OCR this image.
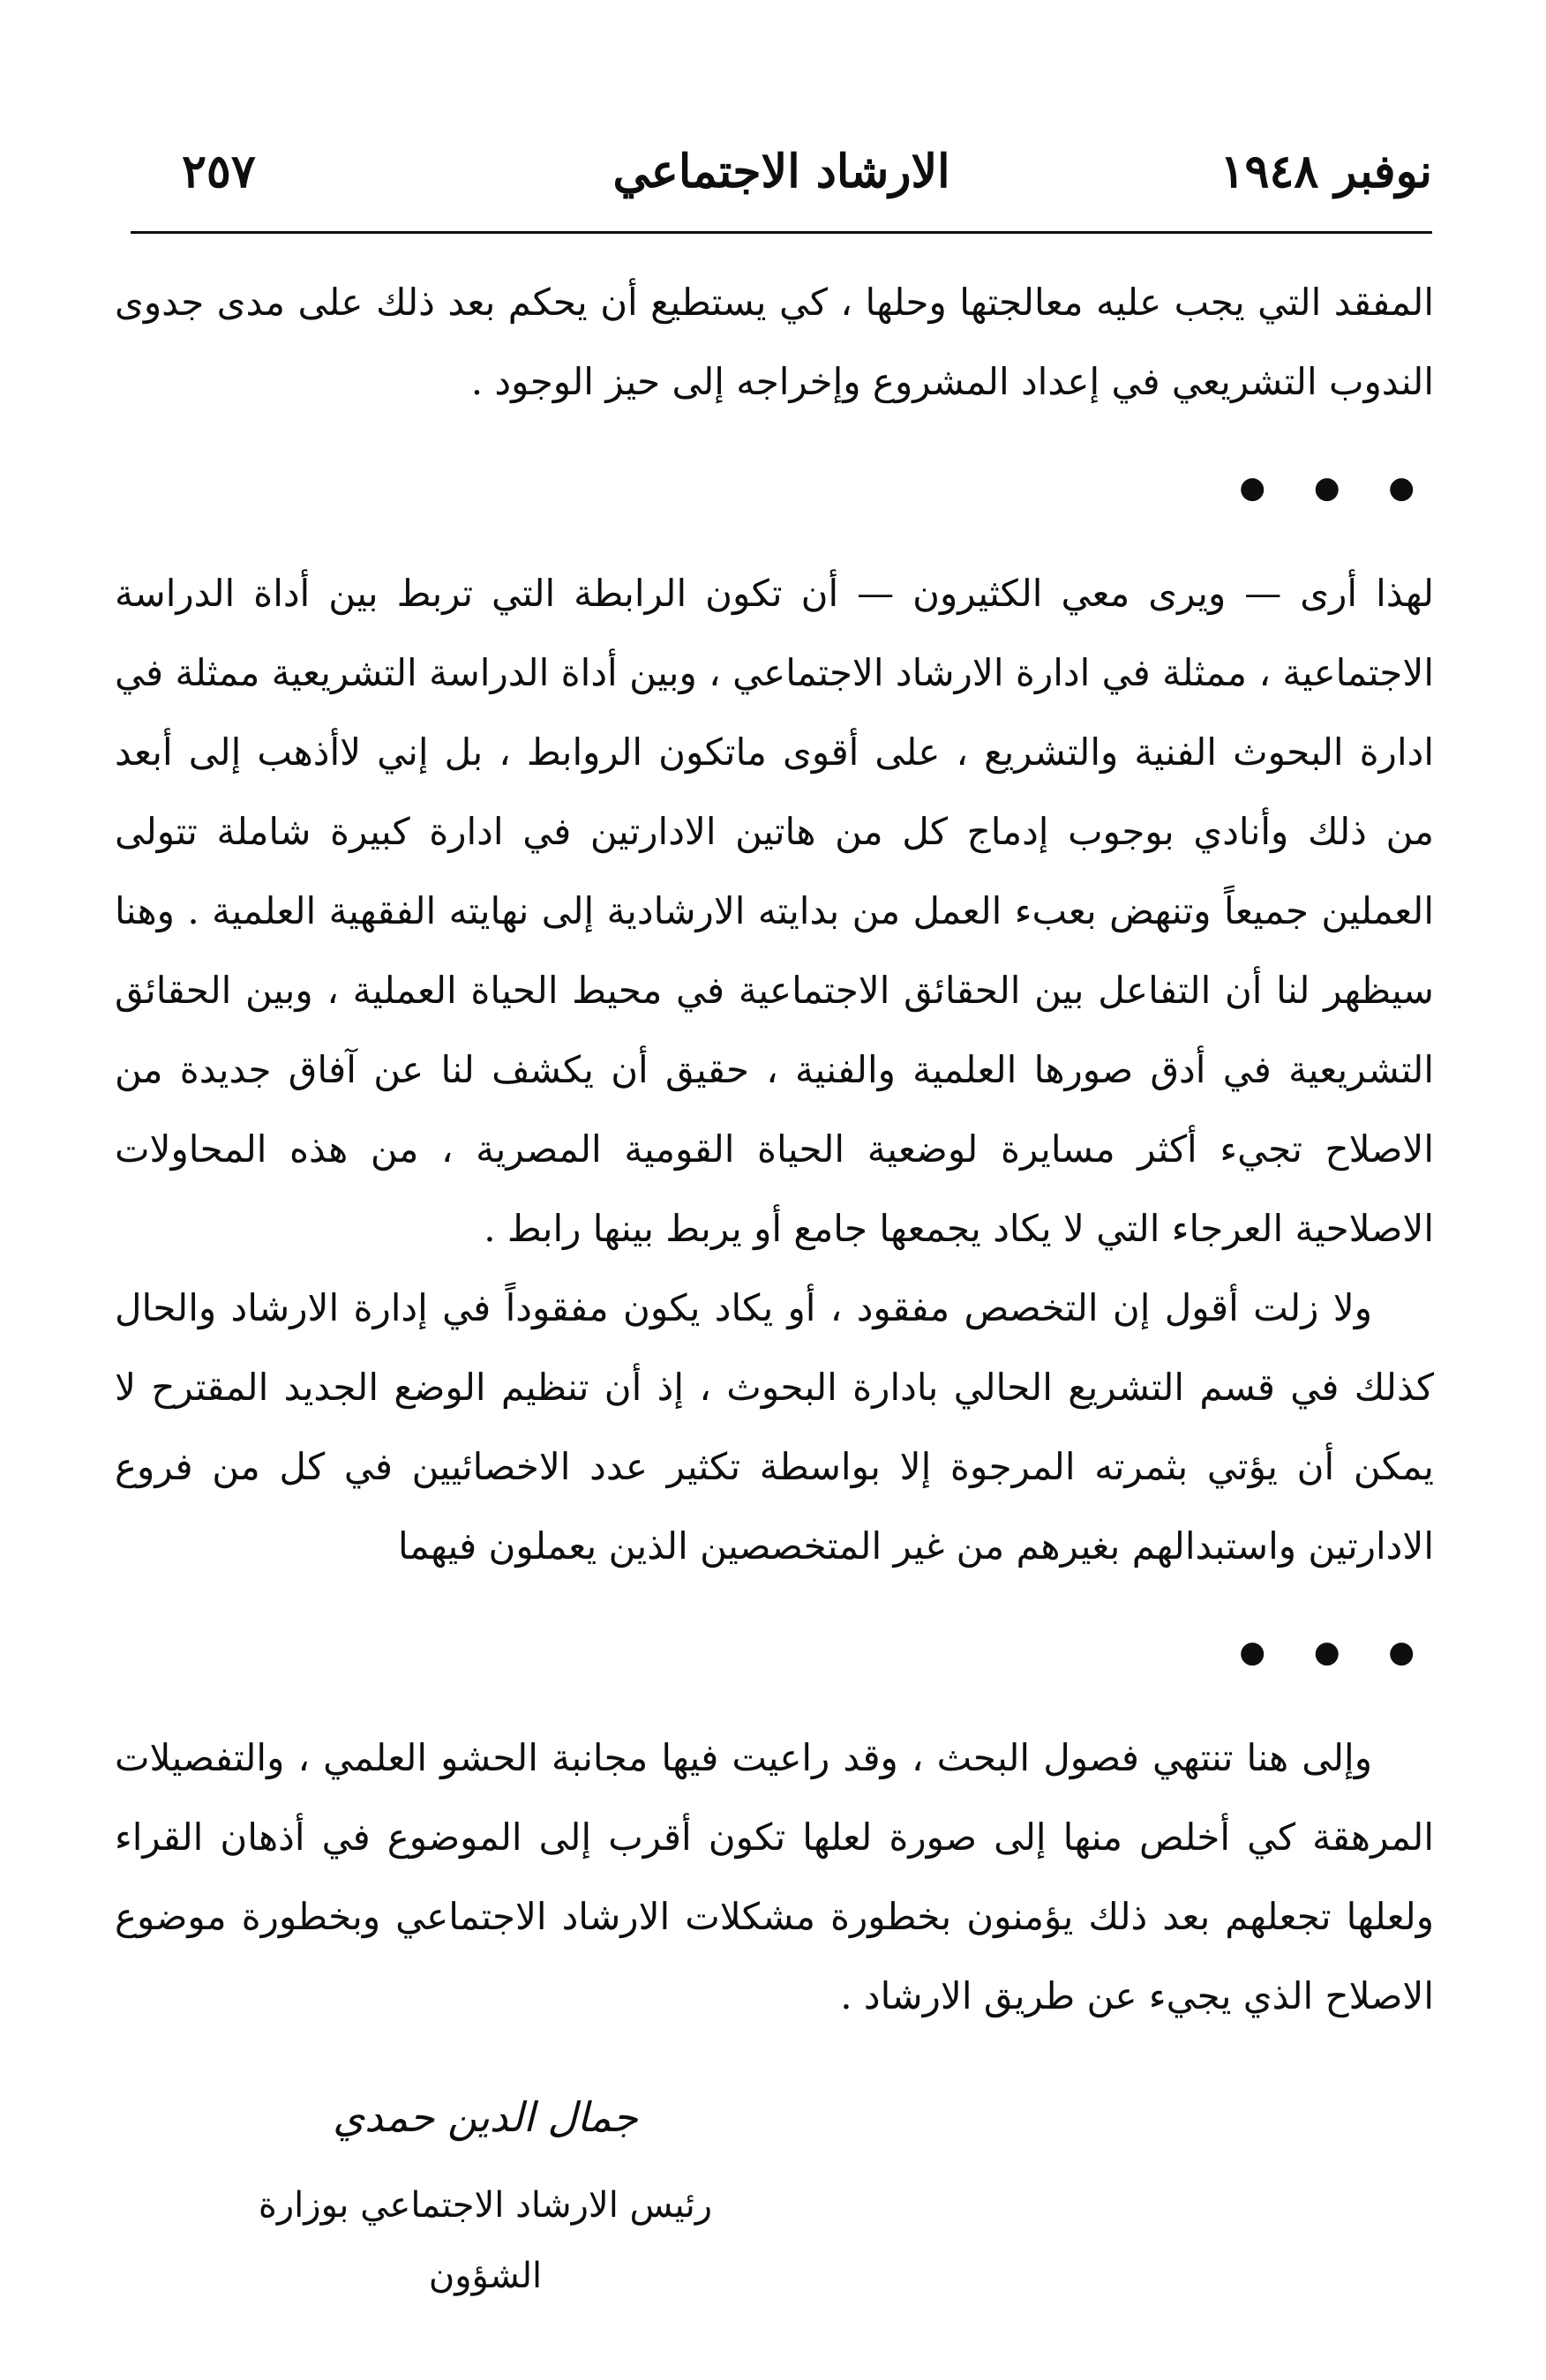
نوفبر ١٩٤٨
الارشاد الاجتماعي
٢٥٧

المفقد التي يجب عليه معالجتها وحلها ، كي يستطيع أن يحكم بعد ذلك على مدى جدوى الندوب التشريعي في إعداد المشروع وإخراجه إلى حيز الوجود .

● ● ●

لهذا أرى — ويرى معي الكثيرون — أن تكون الرابطة التي تربط بين أداة الدراسة الاجتماعية ، ممثلة في ادارة الارشاد الاجتماعي ، وبين أداة الدراسة التشريعية ممثلة في ادارة البحوث الفنية والتشريع ، على أقوى ماتكون الروابط ، بل إني لاأذهب إلى أبعد من ذلك وأنادي بوجوب إدماج كل من هاتين الادارتين في ادارة كبيرة شاملة تتولى العملين جميعاً وتنهض بعبء العمل من بدايته الارشادية إلى نهايته الفقهية العلمية . وهنا سيظهر لنا أن التفاعل بين الحقائق الاجتماعية في محيط الحياة العملية ، وبين الحقائق التشريعية في أدق صورها العلمية والفنية ، حقيق أن يكشف لنا عن آفاق جديدة من الاصلاح تجيء أكثر مسايرة لوضعية الحياة القومية المصرية ، من هذه المحاولات الاصلاحية العرجاء التي لا يكاد يجمعها جامع أو يربط بينها رابط .

ولا زلت أقول إن التخصص مفقود ، أو يكاد يكون مفقوداً في إدارة الارشاد والحال كذلك في قسم التشريع الحالي بادارة البحوث ، إذ أن تنظيم الوضع الجديد المقترح لا يمكن أن يؤتي بثمرته المرجوة إلا بواسطة تكثير عدد الاخصائيين في كل من فروع الادارتين واستبدالهم بغيرهم من غير المتخصصين الذين يعملون فيهما

● ● ●

وإلى هنا تنتهي فصول البحث ، وقد راعيت فيها مجانبة الحشو العلمي ، والتفصيلات المرهقة كي أخلص منها إلى صورة لعلها تكون أقرب إلى الموضوع في أذهان القراء ولعلها تجعلهم بعد ذلك يؤمنون بخطورة مشكلات الارشاد الاجتماعي وبخطورة موضوع الاصلاح الذي يجيء عن طريق الارشاد .

جمال الدين حمدي
رئيس الارشاد الاجتماعي بوزارة الشؤون
